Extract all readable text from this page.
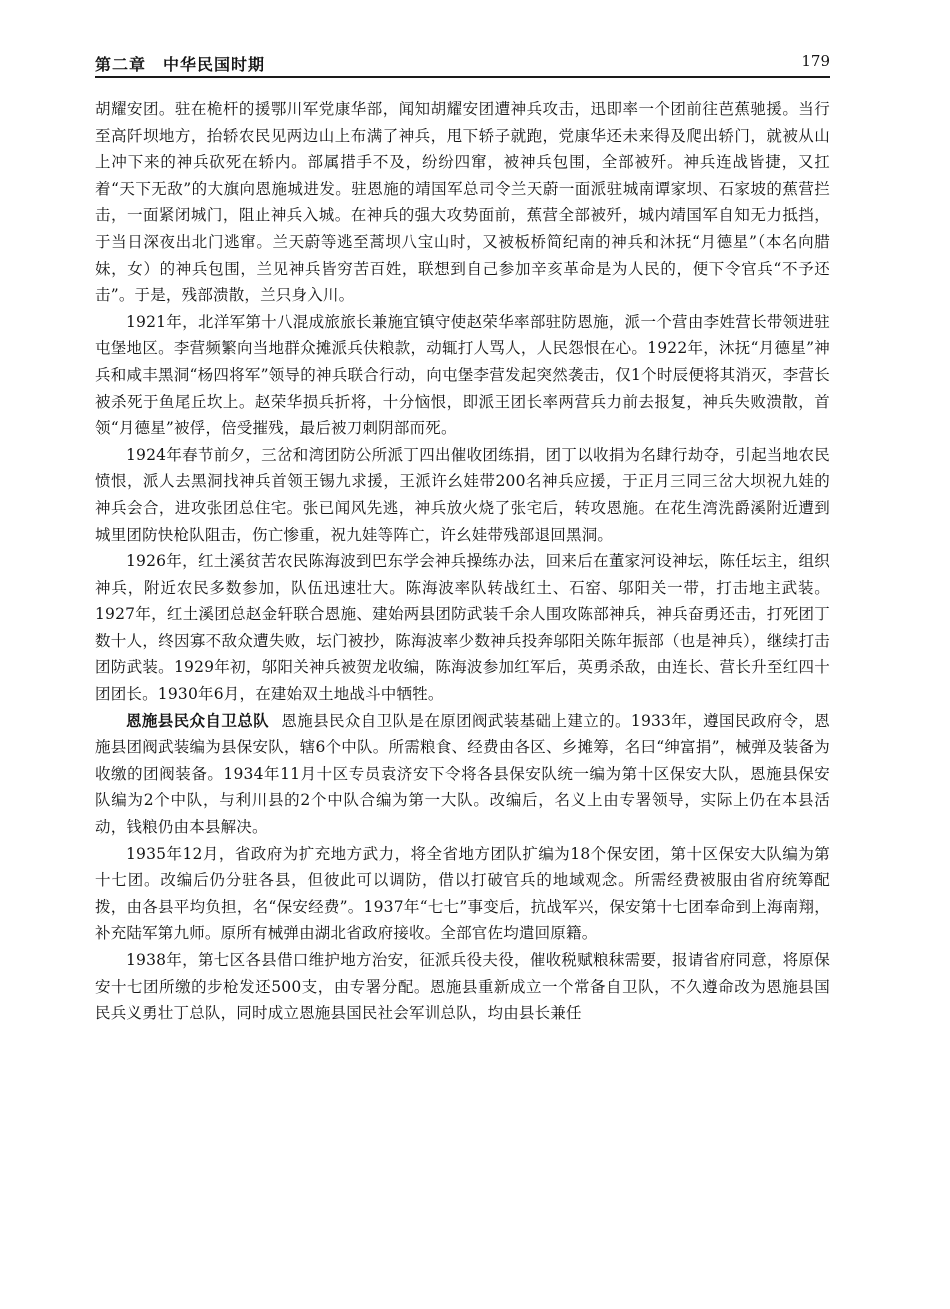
第二章　中华民国时期	179

胡耀安团。驻在桅杆的援鄂川军党康华部，闻知胡耀安团遭神兵攻击，迅即率一个团前往芭蕉驰援。当行至高阡坝地方，抬轿农民见两边山上布满了神兵，甩下轿子就跑，党康华还未来得及爬出轿门，就被从山上冲下来的神兵砍死在轿内。部属措手不及，纷纷四窜，被神兵包围，全部被歼。神兵连战皆捷，又扛着“天下无敌”的大旗向恩施城进发。驻恩施的靖国军总司令兰天蔚一面派驻城南谭家坝、石家坡的蕉营拦击，一面紧闭城门，阻止神兵入城。在神兵的强大攻势面前，蕉营全部被歼，城内靖国军自知无力抵挡，于当日深夜出北门逃窜。兰天蔚等逃至蒿坝八宝山时，又被板桥简纪南的神兵和沐抚“月德星”（本名向腊妹，女）的神兵包围，兰见神兵皆穷苦百姓，联想到自己参加辛亥革命是为人民的，便下令官兵“不予还击”。于是，残部溃散，兰只身入川。

1921年，北洋军第十八混成旅旅长兼施宜镇守使赵荣华率部驻防恩施，派一个营由李姓营长带领进驻屯堡地区。李营频繁向当地群众摊派兵伕粮款，动辄打人骂人，人民怨恨在心。1922年，沐抚“月德星”神兵和咸丰黑洞“杨四将军”领导的神兵联合行动，向屯堡李营发起突然袭击，仅1个时辰便将其消灭，李营长被杀死于鱼尾丘坎上。赵荣华损兵折将，十分恼恨，即派王团长率两营兵力前去报复，神兵失败溃散，首领“月德星”被俘，倍受摧残，最后被刀刺阴部而死。

1924年春节前夕，三岔和湾团防公所派丁四出催收团练捐，团丁以收捐为名肆行劫夺，引起当地农民愤恨，派人去黑洞找神兵首领王锡九求援，王派许幺娃带200名神兵应援，于正月三同三岔大坝祝九娃的神兵会合，进攻张团总住宅。张已闻风先逃，神兵放火烧了张宅后，转攻恩施。在花生湾洗爵溪附近遭到城里团防快枪队阻击，伤亡惨重，祝九娃等阵亡，许幺娃带残部退回黑洞。

1926年，红土溪贫苦农民陈海波到巴东学会神兵操练办法，回来后在董家河设神坛，陈任坛主，组织神兵，附近农民多数参加，队伍迅速壮大。陈海波率队转战红土、石窑、邬阳关一带，打击地主武装。1927年，红土溪团总赵金轩联合恩施、建始两县团防武装千余人围攻陈部神兵，神兵奋勇还击，打死团丁数十人，终因寡不敌众遭失败，坛门被抄，陈海波率少数神兵投奔邬阳关陈年振部（也是神兵），继续打击团防武装。1929年初，邬阳关神兵被贺龙收编，陈海波参加红军后，英勇杀敌，由连长、营长升至红四十团团长。1930年6月，在建始双土地战斗中牺牲。

恩施县民众自卫总队 恩施县民众自卫队是在原团阀武装基础上建立的。1933年，遵国民政府令，恩施县团阀武装编为县保安队，辖6个中队。所需粮食、经费由各区、乡摊筹，名曰“绅富捐”，械弹及装备为收缴的团阀装备。1934年11月十区专员袁济安下令将各县保安队统一编为第十区保安大队，恩施县保安队编为2个中队，与利川县的2个中队合编为第一大队。改编后，名义上由专署领导，实际上仍在本县活动，钱粮仍由本县解决。

1935年12月，省政府为扩充地方武力，将全省地方团队扩编为18个保安团，第十区保安大队编为第十七团。改编后仍分驻各县，但彼此可以调防，借以打破官兵的地域观念。所需经费被服由省府统筹配拨，由各县平均负担，名“保安经费”。1937年“七七”事变后，抗战军兴，保安第十七团奉命到上海南翔，补充陆军第九师。原所有械弹由湖北省政府接收。全部官佐均遣回原籍。

1938年，第七区各县借口维护地方治安，征派兵役夫役，催收税赋粮秣需要，报请省府同意，将原保安十七团所缴的步枪发还500支，由专署分配。恩施县重新成立一个常备自卫队，不久遵命改为恩施县国民兵义勇壮丁总队，同时成立恩施县国民社会军训总队，均由县长兼任
